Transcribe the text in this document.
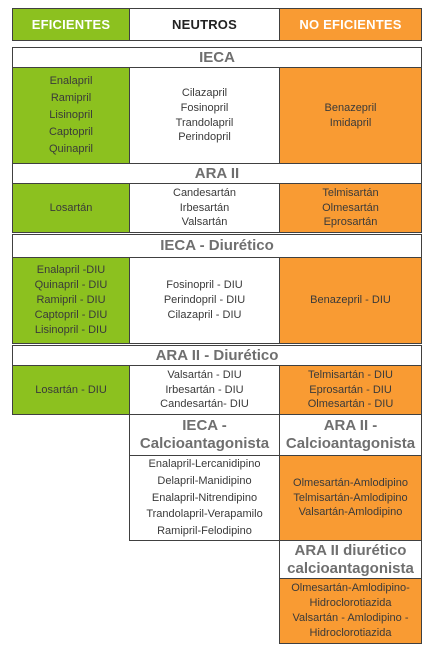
EFICIENTES	NEUTROS	NO EFICIENTES
IECA
Enalapril
Ramipril
Lisinopril
Captopril
Quinapril
Cilazapril
Fosinopril
Trandolapril
Perindopril
Benazepril
Imidapril
ARA II
Losartán
Candesartán
Irbesartán
Valsartán
Telmisartán
Olmesartán
Eprosartán
IECA - Diurético
Enalapril -DIU
Quinapril - DIU
Ramipril - DIU
Captopril - DIU
Lisinopril - DIU
Fosinopril - DIU
Perindopril - DIU
Cilazapril - DIU
Benazepril - DIU
ARA II - Diurético
Losartán - DIU
Valsartán - DIU
Irbesartán - DIU
Candesartán- DIU
Telmisartán - DIU
Eprosartán - DIU
Olmesartán - DIU
IECA -
Calcioantagonista
Enalapril-Lercanidipino
Delapril-Manidipino
Enalapril-Nitrendipino
Trandolapril-Verapamilo
Ramipril-Felodipino
ARA II -
Calcioantagonista
Olmesartán-Amlodipino
Telmisartán-Amlodipino
Valsartán-Amlodipino
ARA II diurético
calcioantagonista
Olmesartán-Amlodipino-
Hidroclorotiazida
Valsartán - Amlodipino -
Hidroclorotiazida
